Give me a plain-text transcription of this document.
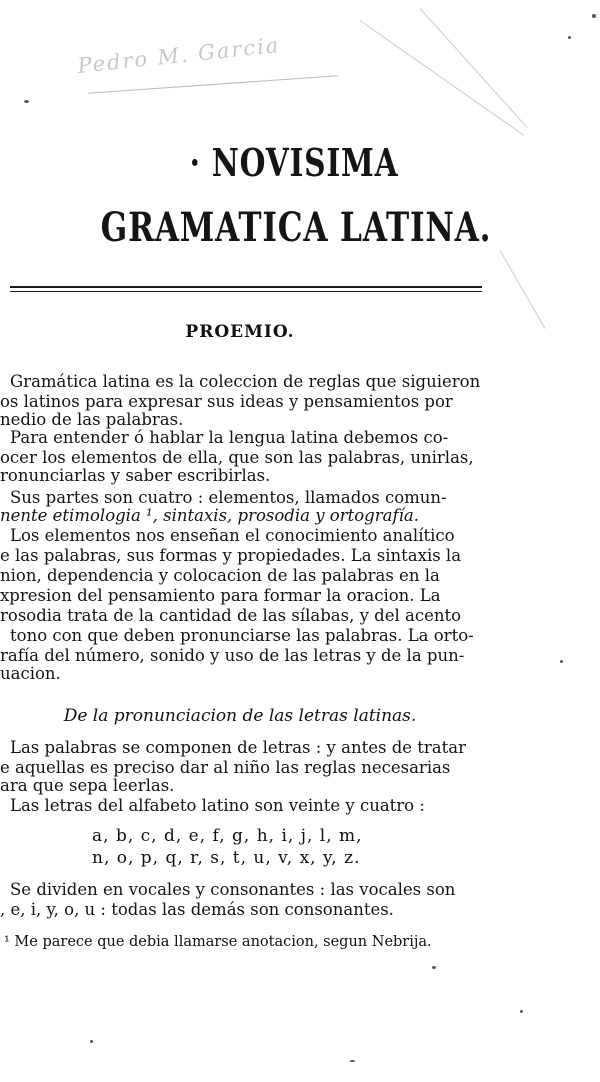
Pedro M. Garcia
· NOVISIMA
GRAMATICA LATINA.
PROEMIO.
Gramática latina es la coleccion de reglas que siguieron
os latinos para expresar sus ideas y pensamientos por
nedio de las palabras.
Para entender ó hablar la lengua latina debemos co-
ocer los elementos de ella, que son las palabras, unirlas,
ronunciarlas y saber escribirlas.
Sus partes son cuatro : elementos, llamados comun-
nente etimologia ¹, sintaxis, prosodia y ortografía.
Los elementos nos enseñan el conocimiento analítico
e las palabras, sus formas y propiedades. La sintaxis la
nion, dependencia y colocacion de las palabras en la
xpresion del pensamiento para formar la oracion. La
rosodia trata de la cantidad de las sílabas, y del acento
tono con que deben pronunciarse las palabras. La orto-
rafía del número, sonido y uso de las letras y de la pun-
uacion.
De la pronunciacion de las letras latinas.
Las palabras se componen de letras : y antes de tratar
e aquellas es preciso dar al niño las reglas necesarias
ara que sepa leerlas.
Las letras del alfabeto latino son veinte y cuatro :
a, b, c, d, e, f, g, h, i, j, l, m,
n, o, p, q, r, s, t, u, v, x, y, z.
Se dividen en vocales y consonantes : las vocales son
, e, i, y, o, u : todas las demás son consonantes.
¹ Me parece que debia llamarse anotacion, segun Nebrija.
